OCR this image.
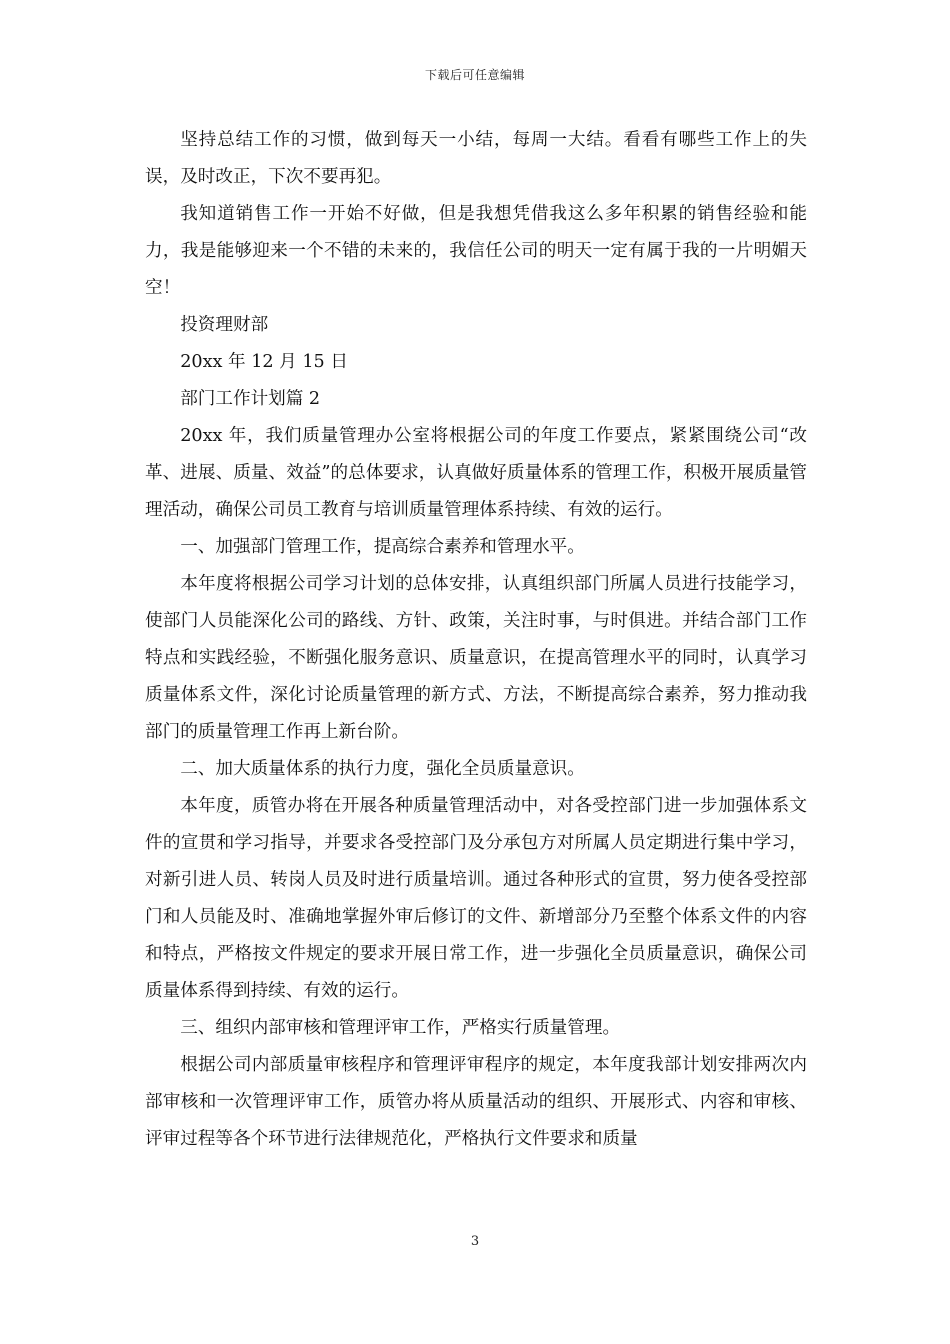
下载后可任意编辑

坚持总结工作的习惯，做到每天一小结，每周一大结。看看有哪些工作上的失误，及时改正，下次不要再犯。

我知道销售工作一开始不好做，但是我想凭借我这么多年积累的销售经验和能力，我是能够迎来一个不错的未来的，我信任公司的明天一定有属于我的一片明媚天空！

投资理财部

20xx 年 12 月 15 日

部门工作计划篇 2

20xx 年，我们质量管理办公室将根据公司的年度工作要点，紧紧围绕公司“改革、进展、质量、效益”的总体要求，认真做好质量体系的管理工作，积极开展质量管理活动，确保公司员工教育与培训质量管理体系持续、有效的运行。

一、加强部门管理工作，提高综合素养和管理水平。

本年度将根据公司学习计划的总体安排，认真组织部门所属人员进行技能学习，使部门人员能深化公司的路线、方针、政策，关注时事，与时俱进。并结合部门工作特点和实践经验，不断强化服务意识、质量意识，在提高管理水平的同时，认真学习质量体系文件，深化讨论质量管理的新方式、方法，不断提高综合素养，努力推动我部门的质量管理工作再上新台阶。

二、加大质量体系的执行力度，强化全员质量意识。

本年度，质管办将在开展各种质量管理活动中，对各受控部门进一步加强体系文件的宣贯和学习指导，并要求各受控部门及分承包方对所属人员定期进行集中学习，对新引进人员、转岗人员及时进行质量培训。通过各种形式的宣贯，努力使各受控部门和人员能及时、准确地掌握外审后修订的文件、新增部分乃至整个体系文件的内容和特点，严格按文件规定的要求开展日常工作，进一步强化全员质量意识，确保公司质量体系得到持续、有效的运行。

三、组织内部审核和管理评审工作，严格实行质量管理。

根据公司内部质量审核程序和管理评审程序的规定，本年度我部计划安排两次内部审核和一次管理评审工作，质管办将从质量活动的组织、开展形式、内容和审核、评审过程等各个环节进行法律规范化，严格执行文件要求和质量

3
